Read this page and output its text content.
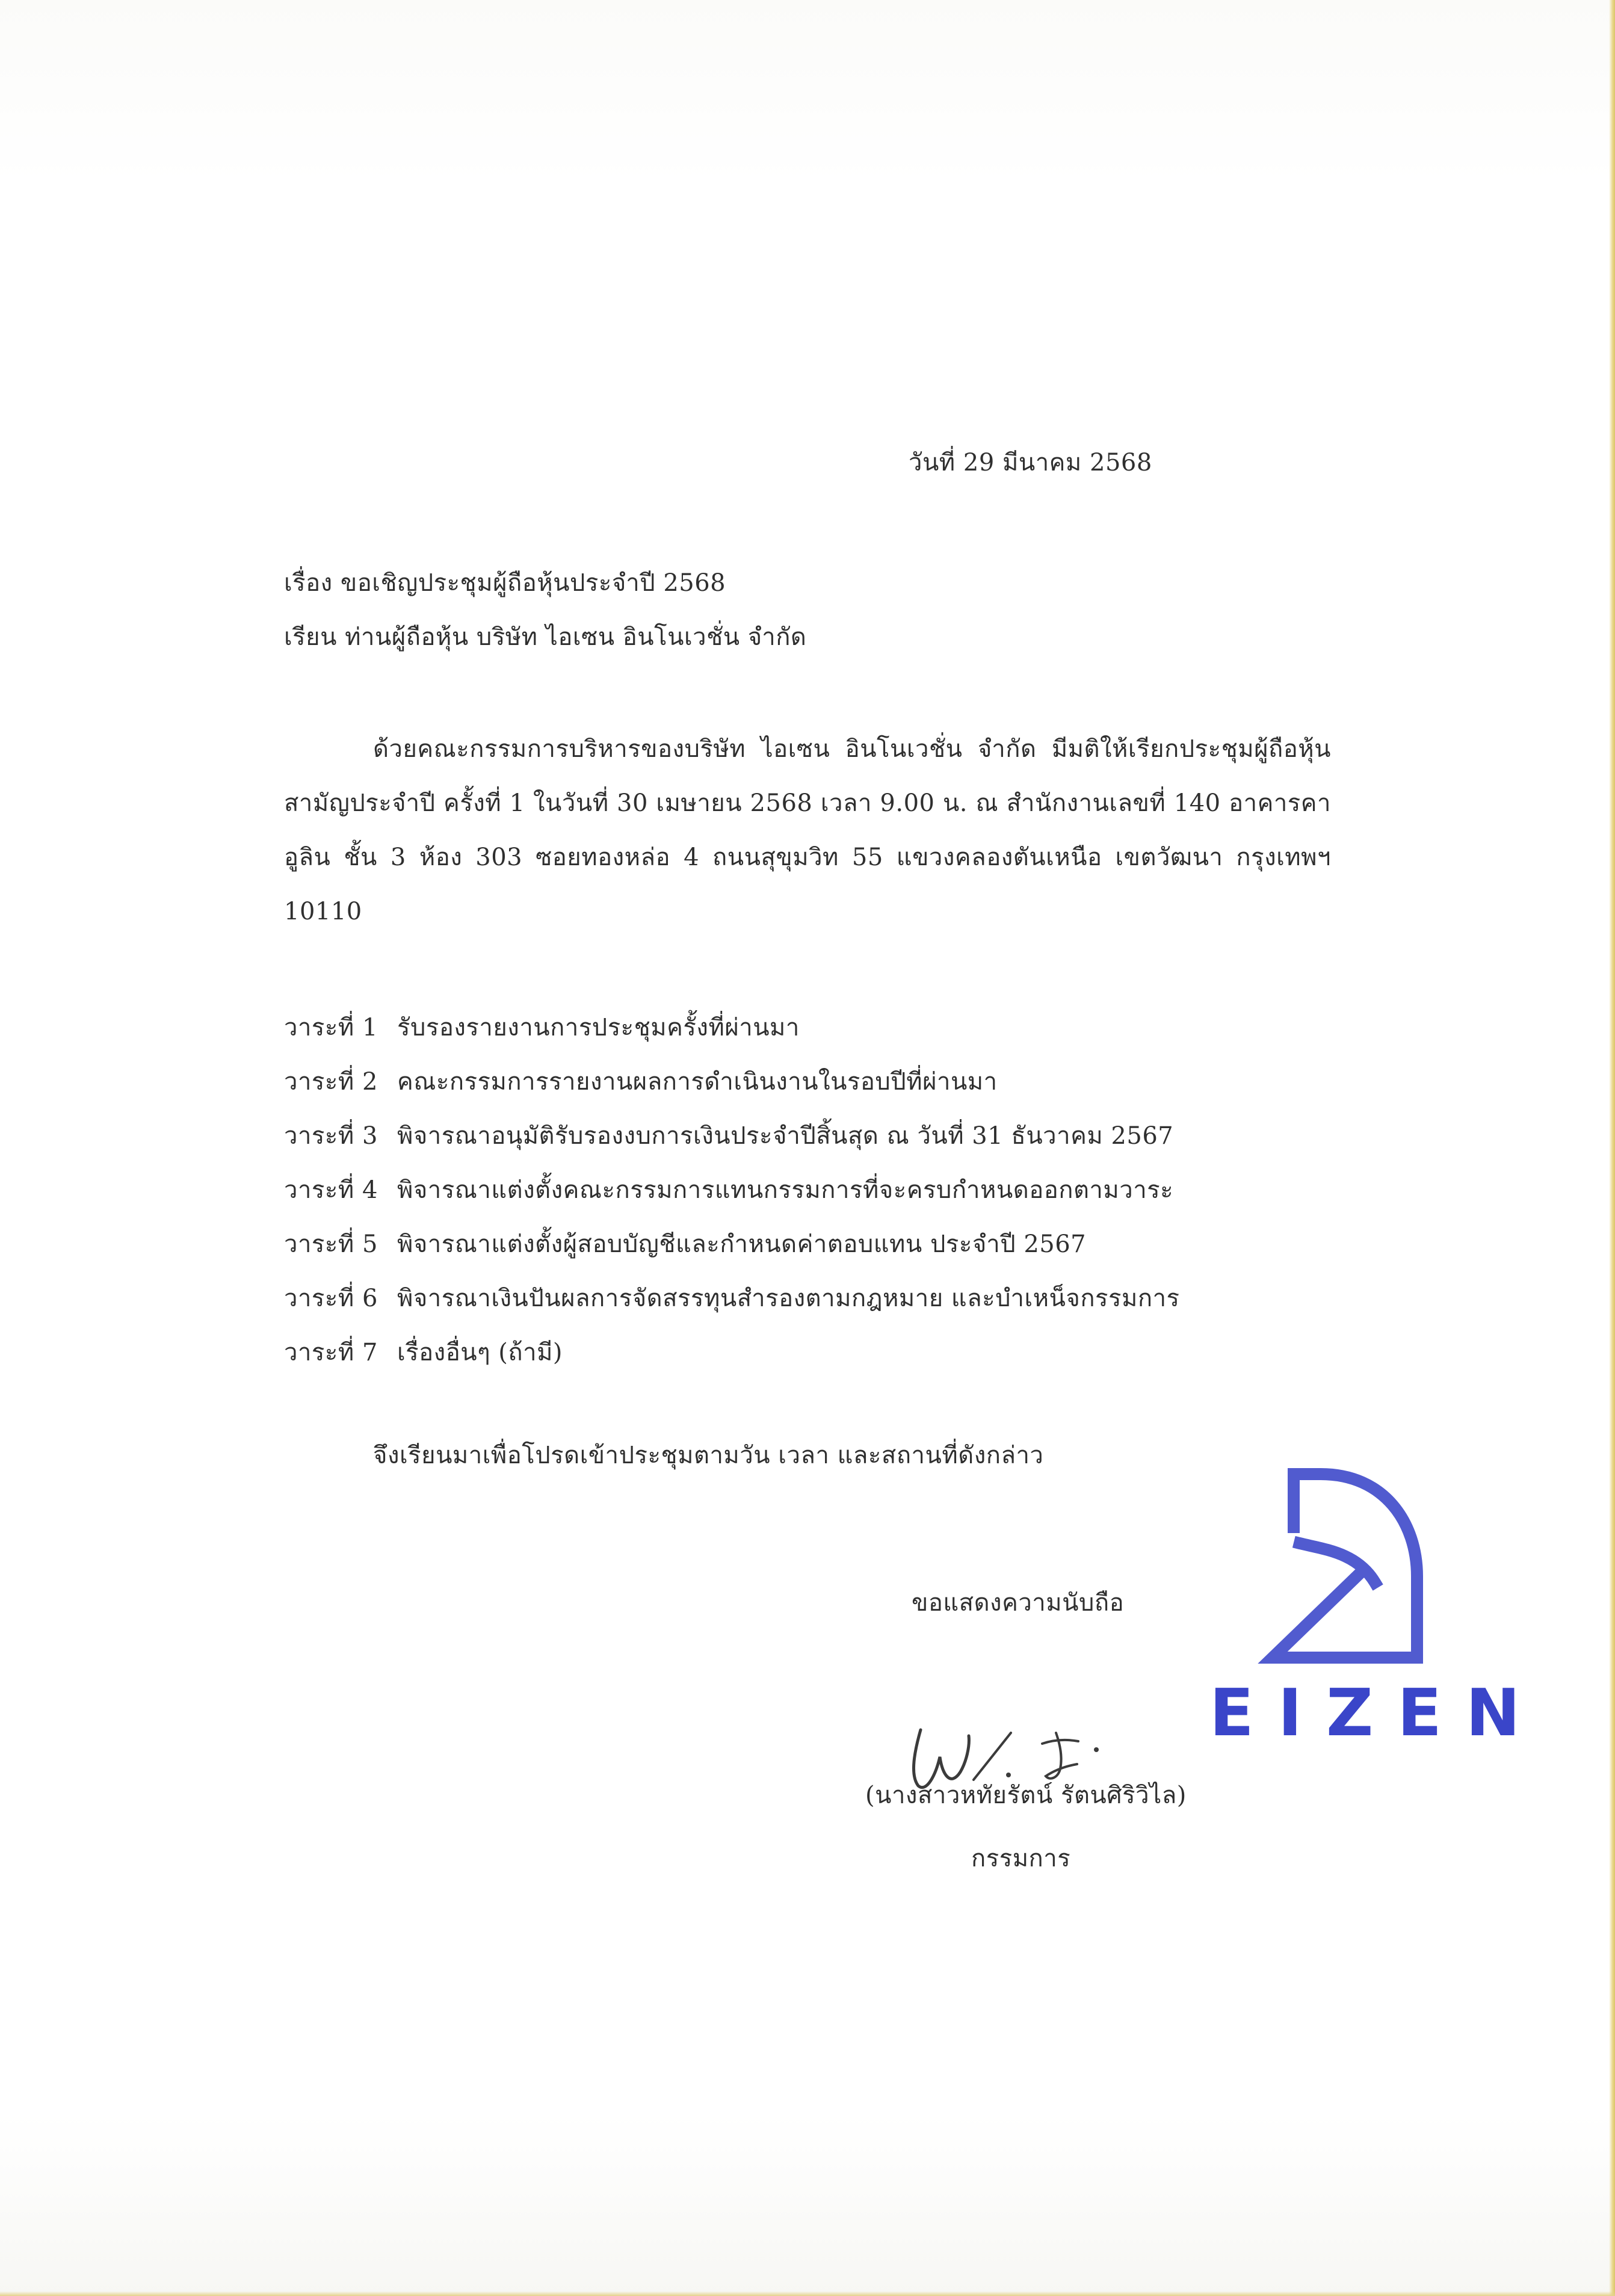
วันที่ 29 มีนาคม 2568
เรื่อง ขอเชิญประชุมผู้ถือหุ้นประจำปี 2568
เรียน ท่านผู้ถือหุ้น บริษัท ไอเซน อินโนเวชั่น จำกัด
ด้วยคณะกรรมการบริหารของบริษัท ไอเซน อินโนเวชั่น จำกัด มีมติให้เรียกประชุมผู้ถือหุ้นสามัญประจำปี ครั้งที่ 1 ในวันที่ 30 เมษายน 2568 เวลา 9.00 น. ณ สำนักงานเลขที่ 140 อาคารคาอูลิน ชั้น 3 ห้อง 303 ซอยทองหล่อ 4 ถนนสุขุมวิท 55 แขวงคลองตันเหนือ เขตวัฒนา กรุงเทพฯ 10110
วาระที่ 1 รับรองรายงานการประชุมครั้งที่ผ่านมา
วาระที่ 2 คณะกรรมการรายงานผลการดำเนินงานในรอบปีที่ผ่านมา
วาระที่ 3 พิจารณาอนุมัติรับรองงบการเงินประจำปีสิ้นสุด ณ วันที่ 31 ธันวาคม 2567
วาระที่ 4 พิจารณาแต่งตั้งคณะกรรมการแทนกรรมการที่จะครบกำหนดออกตามวาระ
วาระที่ 5 พิจารณาแต่งตั้งผู้สอบบัญชีและกำหนดค่าตอบแทน ประจำปี 2567
วาระที่ 6 พิจารณาเงินปันผลการจัดสรรทุนสำรองตามกฎหมาย และบำเหน็จกรรมการ
วาระที่ 7 เรื่องอื่นๆ (ถ้ามี)
จึงเรียนมาเพื่อโปรดเข้าประชุมตามวัน เวลา และสถานที่ดังกล่าว
ขอแสดงความนับถือ
(นางสาวหทัยรัตน์ รัตนศิริวิไล)
กรรมการ
EIZEN
